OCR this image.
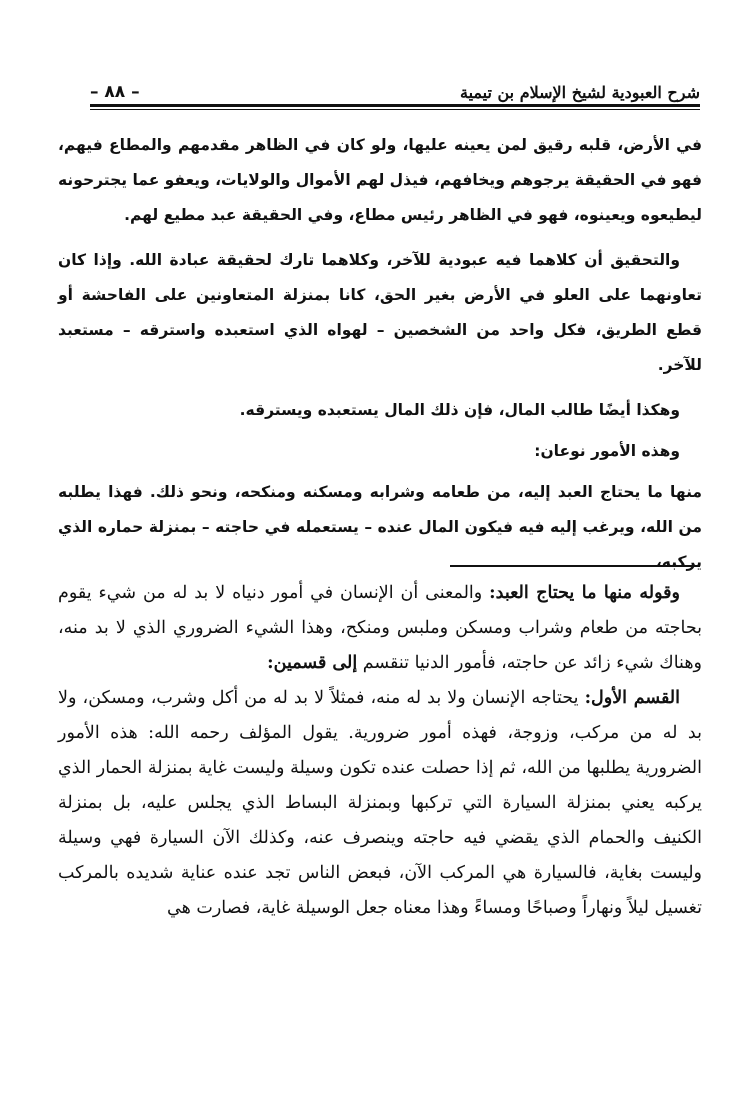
شرح العبودية لشيخ الإسلام بن تيمية
– ٨٨ –

في الأرض، قلبه رقيق لمن يعينه عليها، ولو كان في الظاهر مقدمهم والمطاع فيهم، فهو في الحقيقة يرجوهم ويخافهم، فيذل لهم الأموال والولايات، ويعفو عما يجترحونه ليطيعوه ويعينوه، فهو في الظاهر رئيس مطاع، وفي الحقيقة عبد مطيع لهم.

والتحقيق أن كلاهما فيه عبودية للآخر، وكلاهما تارك لحقيقة عبادة الله. وإذا كان تعاونهما على العلو في الأرض بغير الحق، كانا بمنزلة المتعاونين على الفاحشة أو قطع الطريق، فكل واحد من الشخصين – لهواه الذي استعبده واسترقه – مستعبد للآخر.

وهكذا أيضًا طالب المال، فإن ذلك المال يستعبده ويسترقه.

وهذه الأمور نوعان:

منها ما يحتاج العبد إليه، من طعامه وشرابه ومسكنه ومنكحه، ونحو ذلك. فهذا يطلبه من الله، ويرغب إليه فيه فيكون المال عنده – يستعمله في حاجته – بمنزلة حماره الذي يركبه،

وقوله منها ما يحتاج العبد: والمعنى أن الإنسان في أمور دنياه لا بد له من شيء يقوم بحاجته من طعام وشراب ومسكن وملبس ومنكح، وهذا الشيء الضروري الذي لا بد منه، وهناك شيء زائد عن حاجته، فأمور الدنيا تنقسم إلى قسمين:

القسم الأول: يحتاجه الإنسان ولا بد له منه، فمثلاً لا بد له من أكل وشرب، ومسكن، ولا بد له من مركب، وزوجة، فهذه أمور ضرورية. يقول المؤلف رحمه الله: هذه الأمور الضرورية يطلبها من الله، ثم إذا حصلت عنده تكون وسيلة وليست غاية بمنزلة الحمار الذي يركبه يعني بمنزلة السيارة التي تركبها وبمنزلة البساط الذي يجلس عليه، بل بمنزلة الكنيف والحمام الذي يقضي فيه حاجته وينصرف عنه، وكذلك الآن السيارة فهي وسيلة وليست بغاية، فالسيارة هي المركب الآن، فبعض الناس تجد عنده عناية شديده بالمركب تغسيل ليلاً ونهاراً وصباحًا ومساءً وهذا معناه جعل الوسيلة غاية، فصارت هي
